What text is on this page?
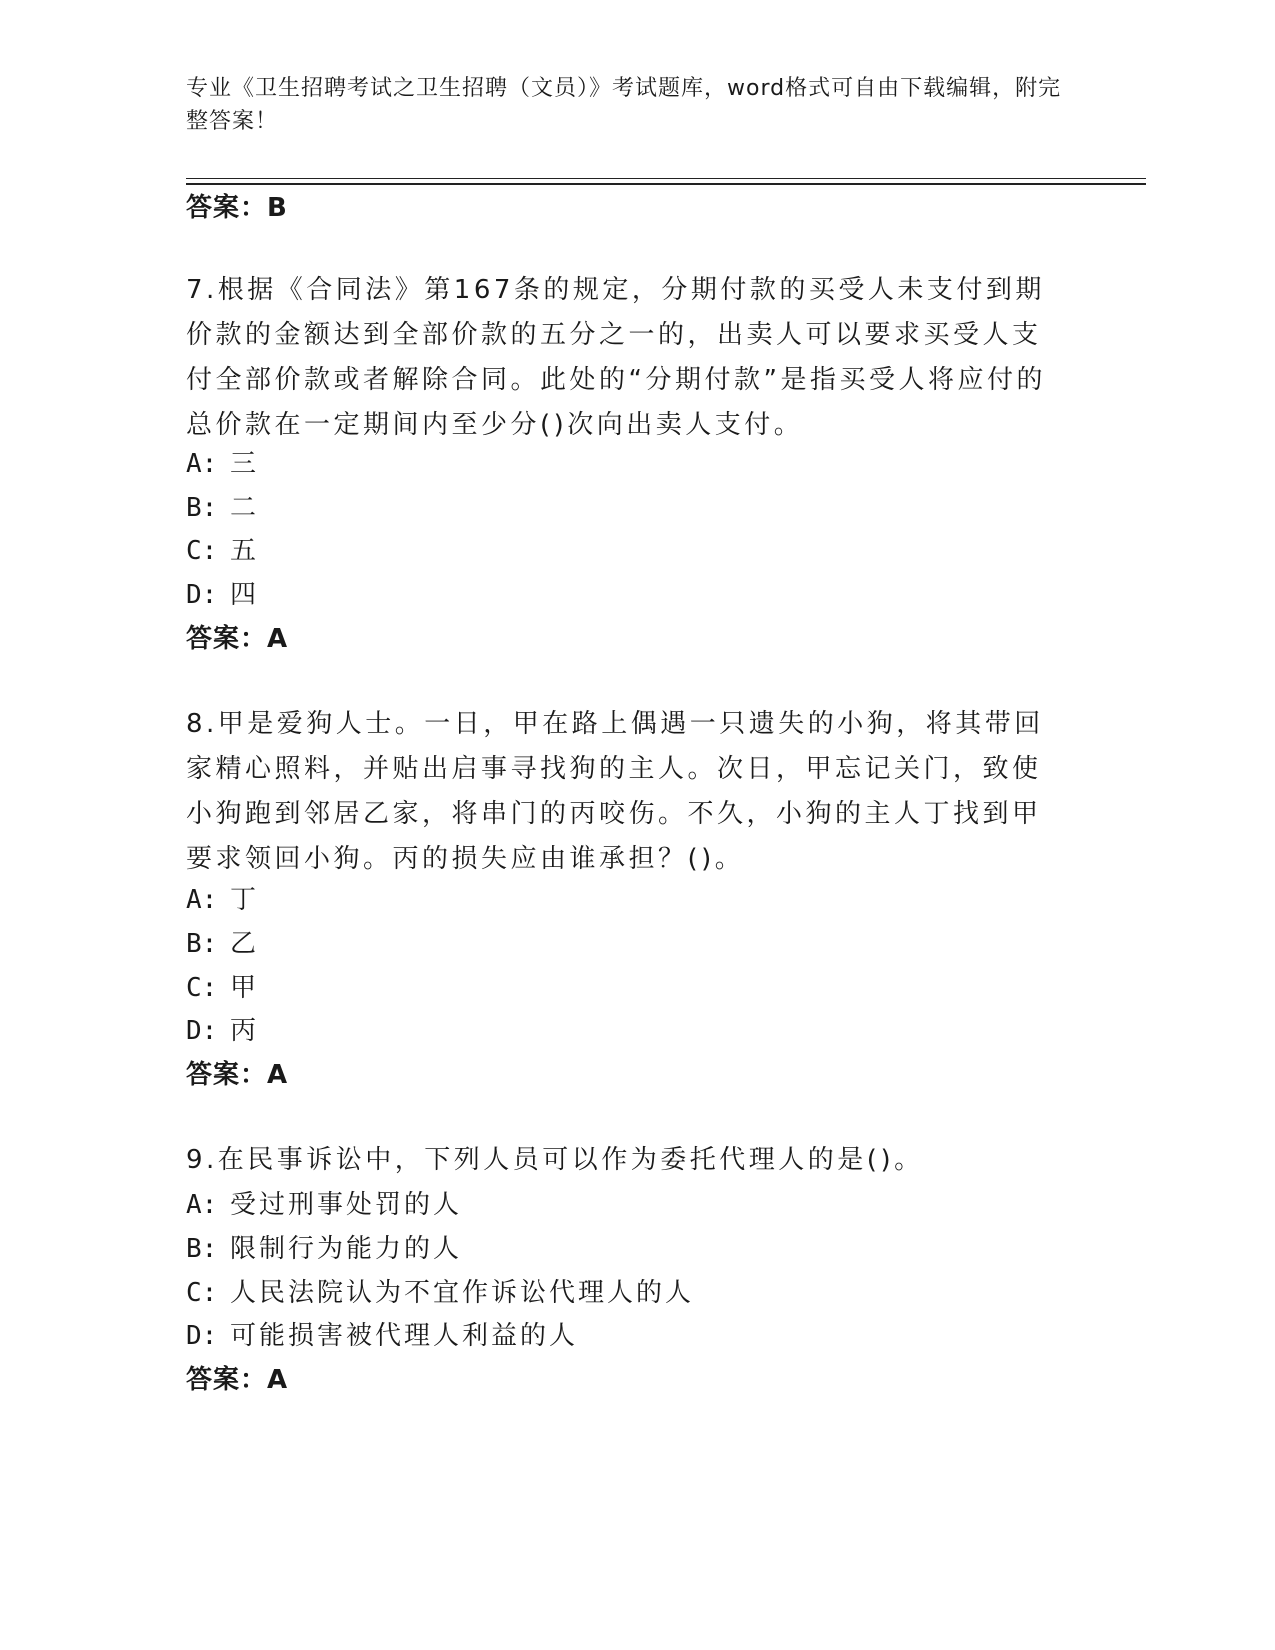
专业《卫生招聘考试之卫生招聘（文员）》考试题库，word格式可自由下载编辑，附完整答案！
答案：B
7.根据《合同法》第167条的规定，分期付款的买受人未支付到期价款的金额达到全部价款的五分之一的，出卖人可以要求买受人支付全部价款或者解除合同。此处的“分期付款”是指买受人将应付的总价款在一定期间内至少分()次向出卖人支付。
A: 三
B: 二
C: 五
D: 四
答案：A
8.甲是爱狗人士。一日，甲在路上偶遇一只遗失的小狗，将其带回家精心照料，并贴出启事寻找狗的主人。次日，甲忘记关门，致使小狗跑到邻居乙家，将串门的丙咬伤。不久，小狗的主人丁找到甲要求领回小狗。丙的损失应由谁承担？()。
A: 丁
B: 乙
C: 甲
D: 丙
答案：A
9.在民事诉讼中，下列人员可以作为委托代理人的是()。
A: 受过刑事处罚的人
B: 限制行为能力的人
C: 人民法院认为不宜作诉讼代理人的人
D: 可能损害被代理人利益的人
答案：A
